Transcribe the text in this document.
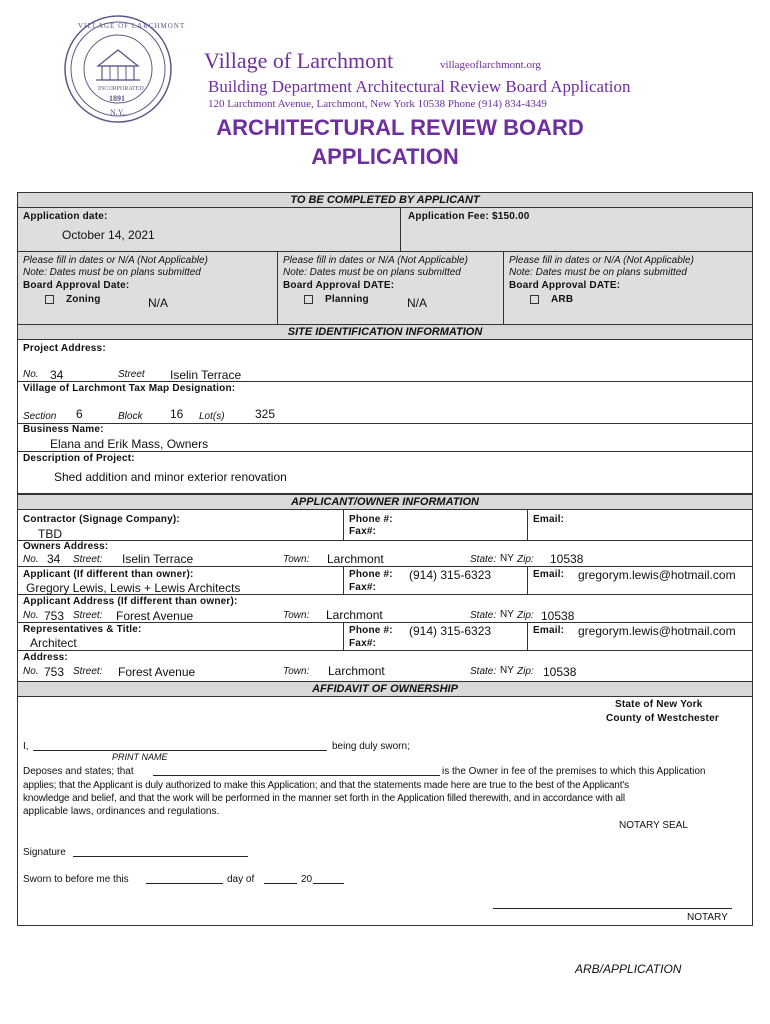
VILLAGE OF LARCHMONT
INCORPORATED
1891
N.Y.
Village of Larchmont	villageoflarchmont.org
Building Department Architectural Review Board Application
120 Larchmont Avenue, Larchmont, New York 10538 Phone (914) 834-4349
ARCHITECTURAL REVIEW BOARD
APPLICATION
TO BE COMPLETED BY APPLICANT
Application date:
October 14, 2021
Application Fee: $150.00
Please fill in dates or N/A (Not Applicable)
Note: Dates must be on plans submitted
Board Approval Date:
Zoning	N/A
Please fill in dates or N/A (Not Applicable)
Note: Dates must be on plans submitted
Board Approval DATE:
Planning	N/A
Please fill in dates or N/A (Not Applicable)
Note: Dates must be on plans submitted
Board Approval DATE:
ARB
SITE IDENTIFICATION INFORMATION
Project Address:
No. 34	Street Iselin Terrace
Village of Larchmont Tax Map Designation:
Section 6	Block 16 Lot(s)	325
Business Name:
Elana and Erik Mass, Owners
Description of Project:
Shed addition and minor exterior renovation
APPLICANT/OWNER INFORMATION
Contractor (Signage Company):
TBD
Phone #:
Fax#:
Email:
Owners Address:
No. 34 Street: Iselin Terrace	Town: Larchmont	State: NY Zip: 10538
Applicant (If different than owner):
Gregory Lewis, Lewis + Lewis Architects
Phone #: (914) 315-6323
Fax#:
Email: gregorym.lewis@hotmail.com
Applicant Address (If different than owner):
No. 753 Street: Forest Avenue	Town: Larchmont	State: NY Zip: 10538
Representatives & Title:
Architect
Phone #: (914) 315-6323
Fax#:
Email: gregorym.lewis@hotmail.com
Address:
No. 753 Street: Forest Avenue	Town: Larchmont	State: NY Zip: 10538
AFFIDAVIT OF OWNERSHIP
State of New York
County of Westchester
I,	being duly sworn;
PRINT NAME
Deposes and states; that	is the Owner in fee of the premises to which this Application
applies; that the Applicant is duly authorized to make this Application; and that the statements made here are true to the best of the Applicant's
knowledge and belief, and that the work will be performed in the manner set forth in the Application filled therewith, and in accordance with all
applicable laws, ordinances and regulations.
NOTARY SEAL
Signature
Sworn to before me this	day of	20
NOTARY
ARB/APPLICATION
